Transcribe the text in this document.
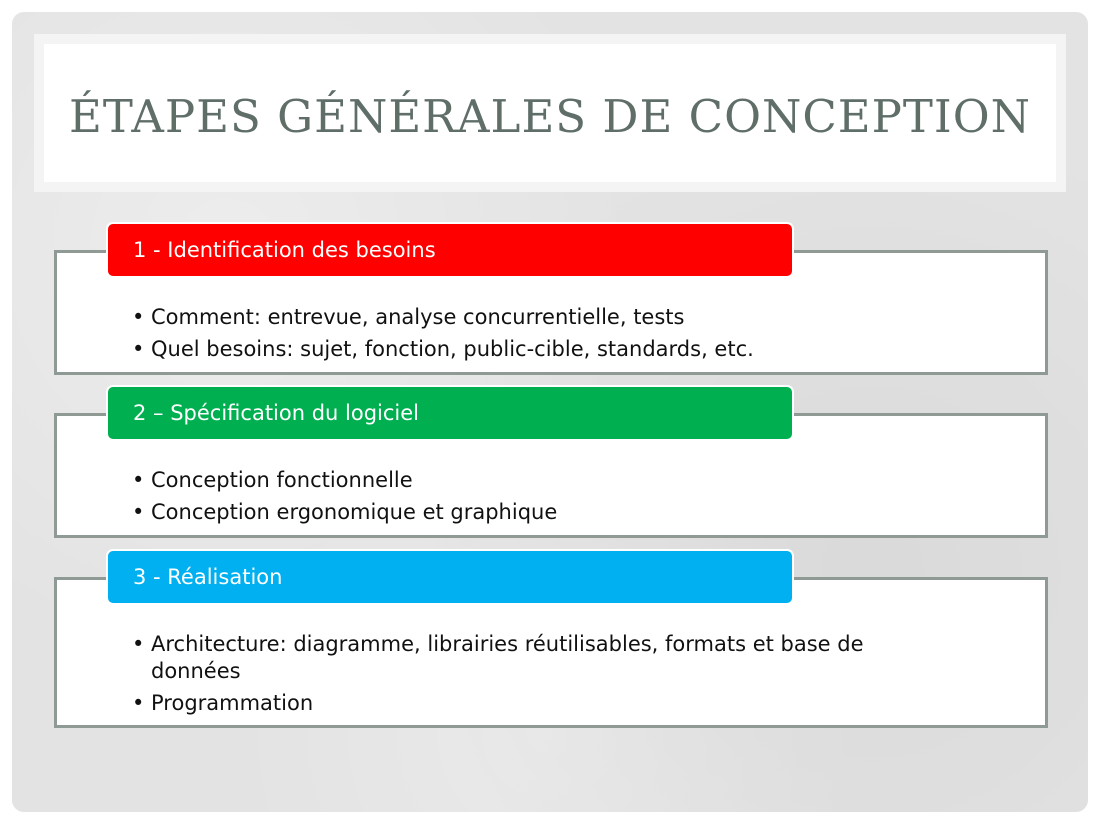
ÉTAPES GÉNÉRALES DE CONCEPTION
1 - Identification des besoins
• Comment: entrevue, analyse concurrentielle, tests
• Quel besoins: sujet, fonction, public-cible, standards, etc.
2 – Spécification du logiciel
• Conception fonctionnelle
• Conception ergonomique et graphique
3 - Réalisation
• Architecture: diagramme, librairies réutilisables, formats et base de données
• Programmation
